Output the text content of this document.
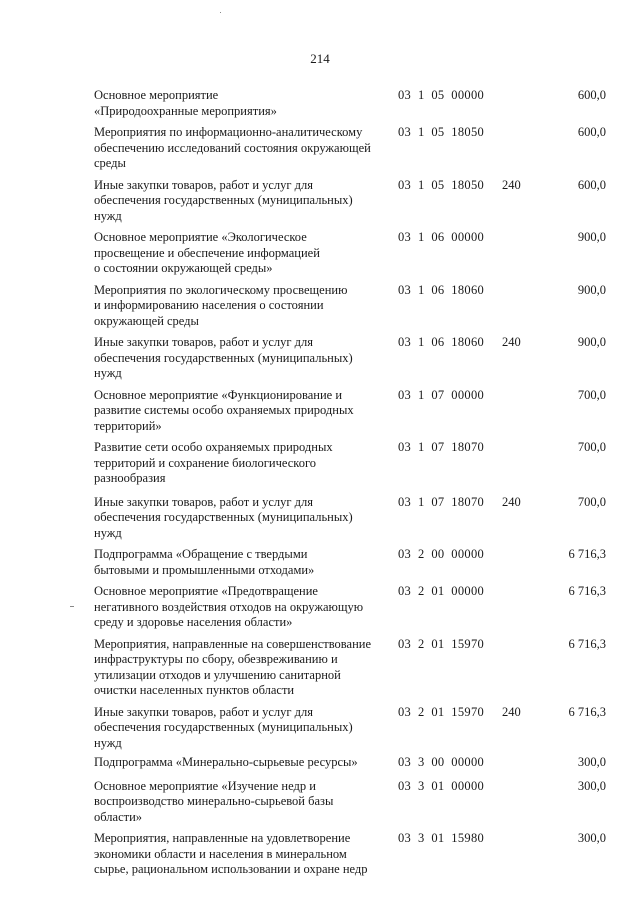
214
Основное мероприятие
«Природоохранные мероприятия»
03  1  05  00000	600,0
Мероприятия по информационно-аналитическому
обеспечению исследований состояния окружающей
среды
03  1  05  18050	600,0
Иные закупки товаров, работ и услуг для
обеспечения государственных (муниципальных)
нужд
03  1  05  18050	240	600,0
Основное мероприятие «Экологическое
просвещение и обеспечение информацией
о состоянии окружающей среды»
03  1  06  00000	900,0
Мероприятия по экологическому просвещению
и информированию населения о состоянии
окружающей среды
03  1  06  18060	900,0
Иные закупки товаров, работ и услуг для
обеспечения государственных (муниципальных)
нужд
03  1  06  18060	240	900,0
Основное мероприятие «Функционирование и
развитие системы особо охраняемых природных
территорий»
03  1  07  00000	700,0
Развитие сети особо охраняемых природных
территорий и сохранение биологического
разнообразия
03  1  07  18070	700,0
Иные закупки товаров, работ и услуг для
обеспечения государственных (муниципальных)
нужд
03  1  07  18070	240	700,0
Подпрограмма «Обращение с твердыми
бытовыми и промышленными отходами»
03  2  00  00000	6 716,3
Основное мероприятие «Предотвращение
негативного воздействия отходов на окружающую
среду и здоровье населения области»
03  2  01  00000	6 716,3
Мероприятия, направленные на совершенствование
инфраструктуры по сбору, обезвреживанию и
утилизации отходов и улучшению санитарной
очистки населенных пунктов области
03  2  01  15970	6 716,3
Иные закупки товаров, работ и услуг для
обеспечения государственных (муниципальных)
нужд
03  2  01  15970	240	6 716,3
Подпрограмма «Минерально-сырьевые ресурсы»	03  3  00  00000	300,0
Основное мероприятие «Изучение недр и
воспроизводство минерально-сырьевой базы
области»
03  3  01  00000	300,0
Мероприятия, направленные на удовлетворение
экономики области и населения в минеральном
сырье, рациональном использовании и охране недр
03  3  01  15980	300,0
